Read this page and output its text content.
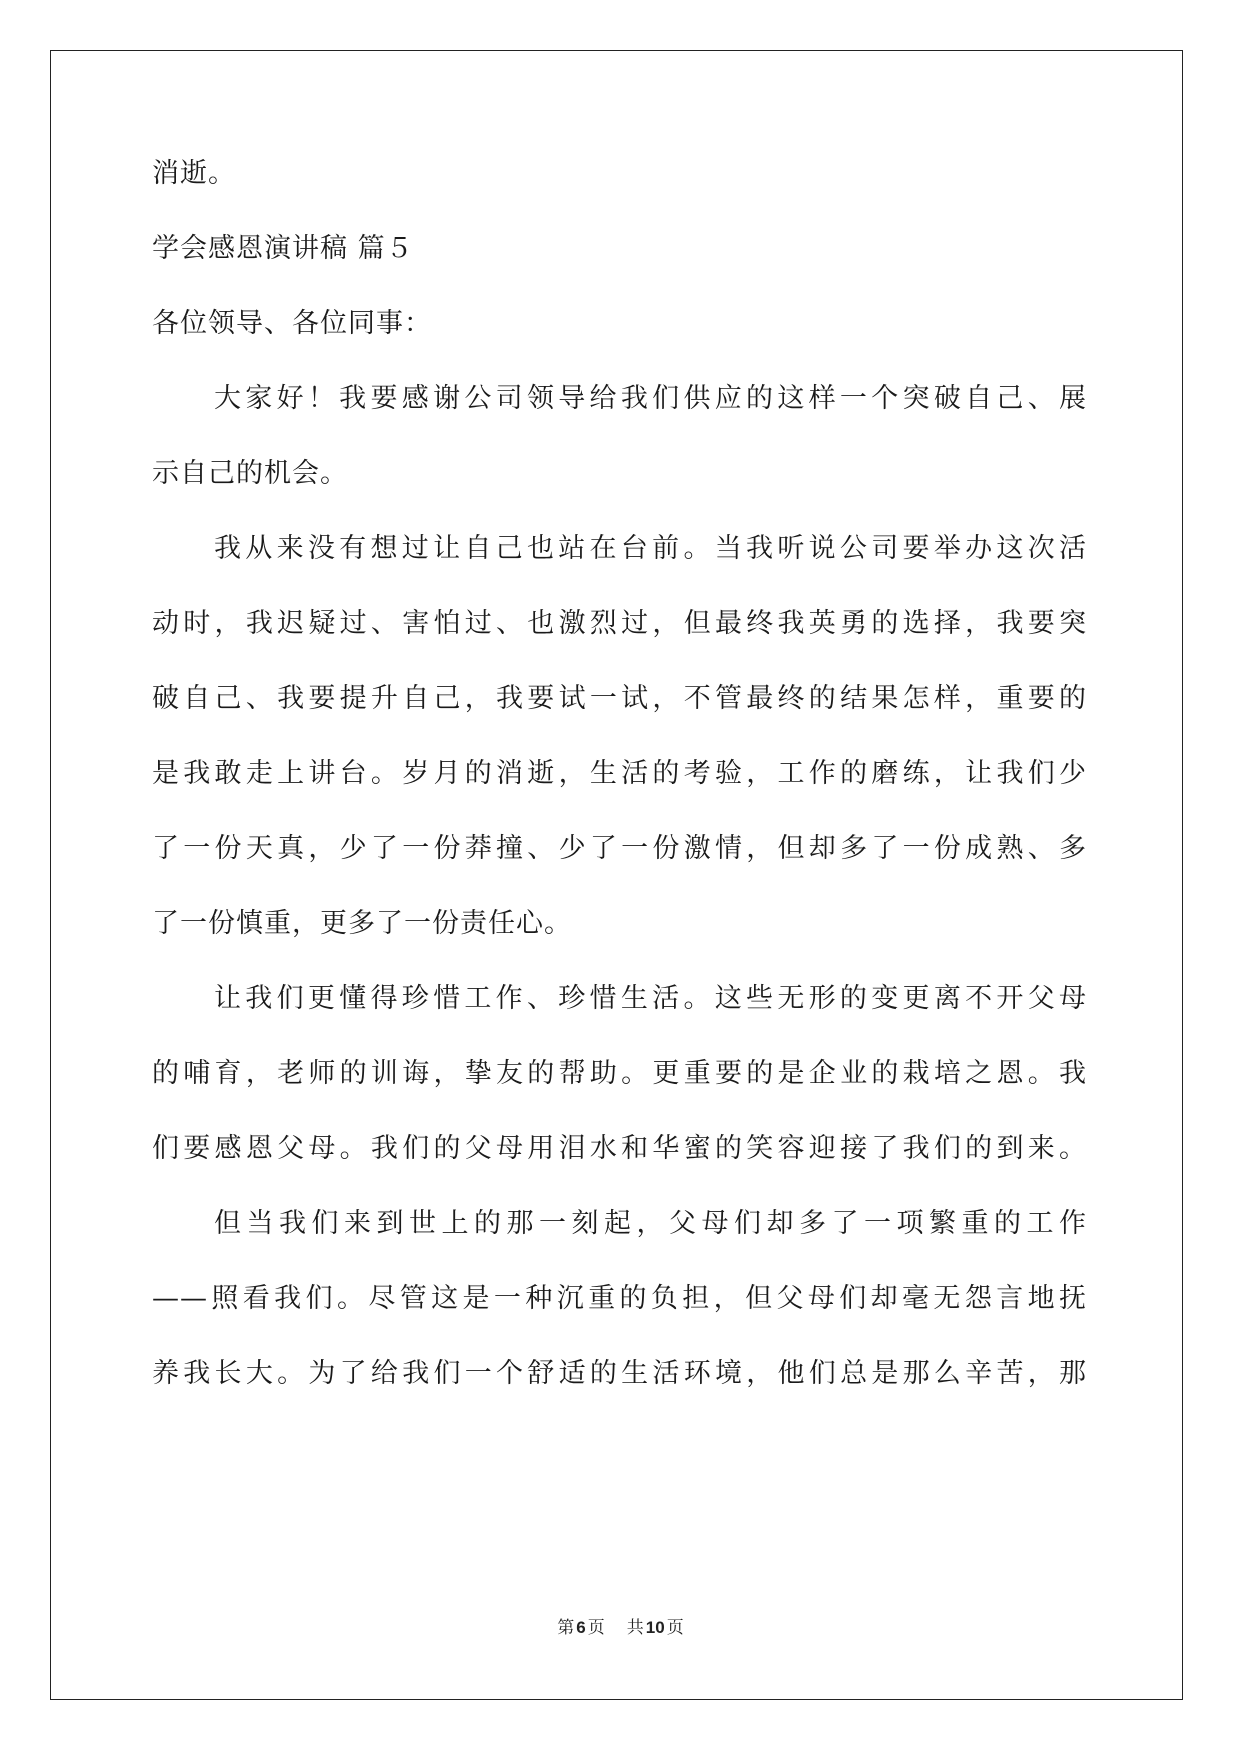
消逝。
学会感恩演讲稿 篇５
各位领导、各位同事：
大家好！我要感谢公司领导给我们供应的这样一个突破自己、展
示自己的机会。
我从来没有想过让自己也站在台前。当我听说公司要举办这次活
动时，我迟疑过、害怕过、也激烈过，但最终我英勇的选择，我要突
破自己、我要提升自己，我要试一试，不管最终的结果怎样，重要的
是我敢走上讲台。岁月的消逝，生活的考验，工作的磨练，让我们少
了一份天真，少了一份莽撞、少了一份激情，但却多了一份成熟、多
了一份慎重，更多了一份责任心。
让我们更懂得珍惜工作、珍惜生活。这些无形的变更离不开父母
的哺育，老师的训诲，挚友的帮助。更重要的是企业的栽培之恩。我
们要感恩父母。我们的父母用泪水和华蜜的笑容迎接了我们的到来。
但当我们来到世上的那一刻起，父母们却多了一项繁重的工作
——照看我们。尽管这是一种沉重的负担，但父母们却毫无怨言地抚
养我长大。为了给我们一个舒适的生活环境，他们总是那么辛苦，那
第 6 页 共 10 页
